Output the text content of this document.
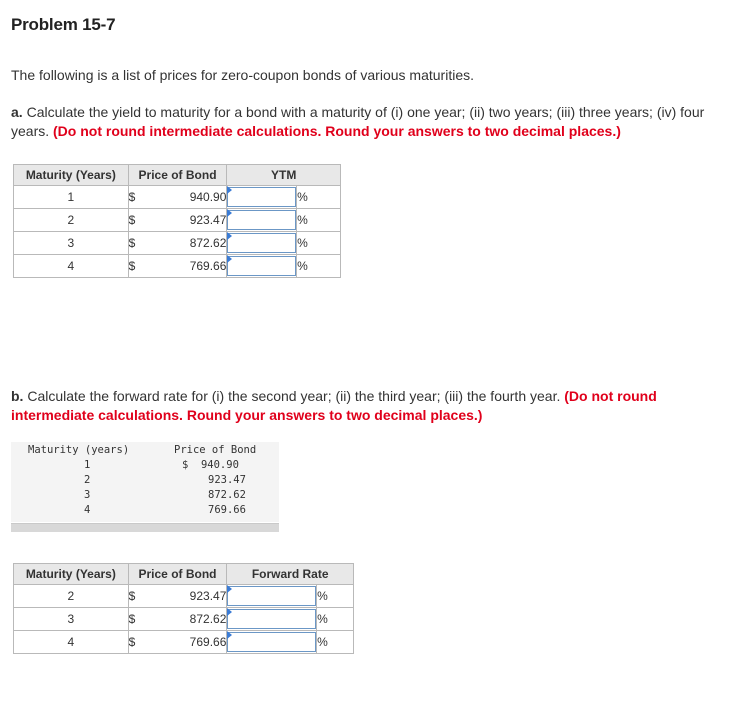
Problem 15-7
The following is a list of prices for zero-coupon bonds of various maturities.
a. Calculate the yield to maturity for a bond with a maturity of (i) one year; (ii) two years; (iii) three years; (iv) four years. (Do not round intermediate calculations. Round your answers to two decimal places.)
Maturity (Years)	Price of Bond		YTM	
1	$	940.90		%
2	$	923.47		%
3	$	872.62		%
4	$	769.66		%
b. Calculate the forward rate for (i) the second year; (ii) the third year; (iii) the fourth year. (Do not round intermediate calculations. Round your answers to two decimal places.)
Maturity (years)	Price of Bond
1	$  940.90
2	923.47
3	872.62
4	769.66
Maturity (Years)	Price of Bond		Forward Rate	
2	$	923.47		%
3	$	872.62		%
4	$	769.66		%
